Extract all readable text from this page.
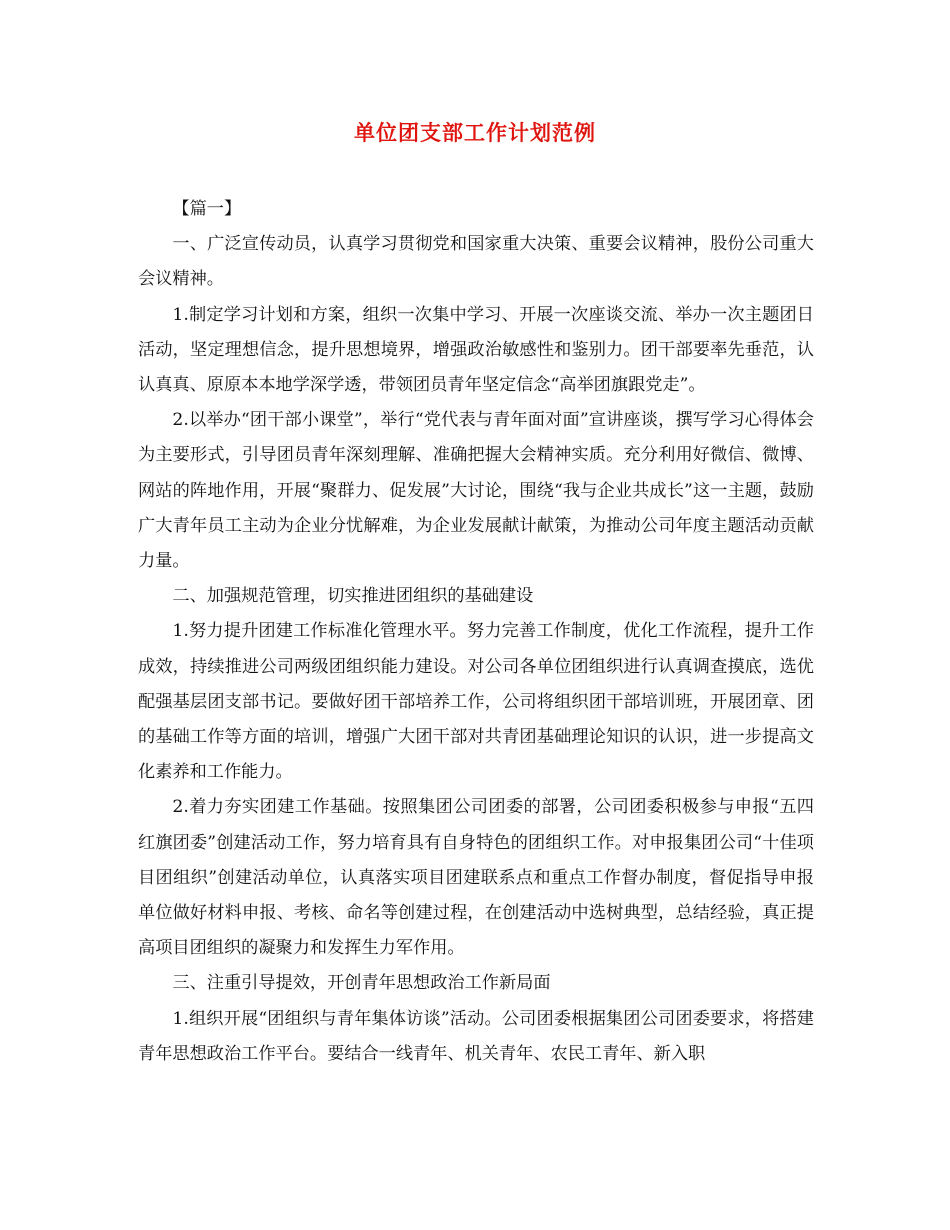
单位团支部工作计划范例

【篇一】

一、广泛宣传动员，认真学习贯彻党和国家重大决策、重要会议精神，股份公司重大会议精神。

1.制定学习计划和方案，组织一次集中学习、开展一次座谈交流、举办一次主题团日活动，坚定理想信念，提升思想境界，增强政治敏感性和鉴别力。团干部要率先垂范，认认真真、原原本本地学深学透，带领团员青年坚定信念“高举团旗跟党走”。

2.以举办“团干部小课堂”，举行“党代表与青年面对面”宣讲座谈，撰写学习心得体会为主要形式，引导团员青年深刻理解、准确把握大会精神实质。充分利用好微信、微博、网站的阵地作用，开展“聚群力、促发展”大讨论，围绕“我与企业共成长”这一主题，鼓励广大青年员工主动为企业分忧解难，为企业发展献计献策，为推动公司年度主题活动贡献力量。

二、加强规范管理，切实推进团组织的基础建设

1.努力提升团建工作标准化管理水平。努力完善工作制度，优化工作流程，提升工作成效，持续推进公司两级团组织能力建设。对公司各单位团组织进行认真调查摸底，选优配强基层团支部书记。要做好团干部培养工作，公司将组织团干部培训班，开展团章、团的基础工作等方面的培训，增强广大团干部对共青团基础理论知识的认识，进一步提高文化素养和工作能力。

2.着力夯实团建工作基础。按照集团公司团委的部署，公司团委积极参与申报“五四红旗团委”创建活动工作，努力培育具有自身特色的团组织工作。对申报集团公司“十佳项目团组织”创建活动单位，认真落实项目团建联系点和重点工作督办制度，督促指导申报单位做好材料申报、考核、命名等创建过程，在创建活动中选树典型，总结经验，真正提高项目团组织的凝聚力和发挥生力军作用。

三、注重引导提效，开创青年思想政治工作新局面

1.组织开展“团组织与青年集体访谈”活动。公司团委根据集团公司团委要求，将搭建青年思想政治工作平台。要结合一线青年、机关青年、农民工青年、新入职
